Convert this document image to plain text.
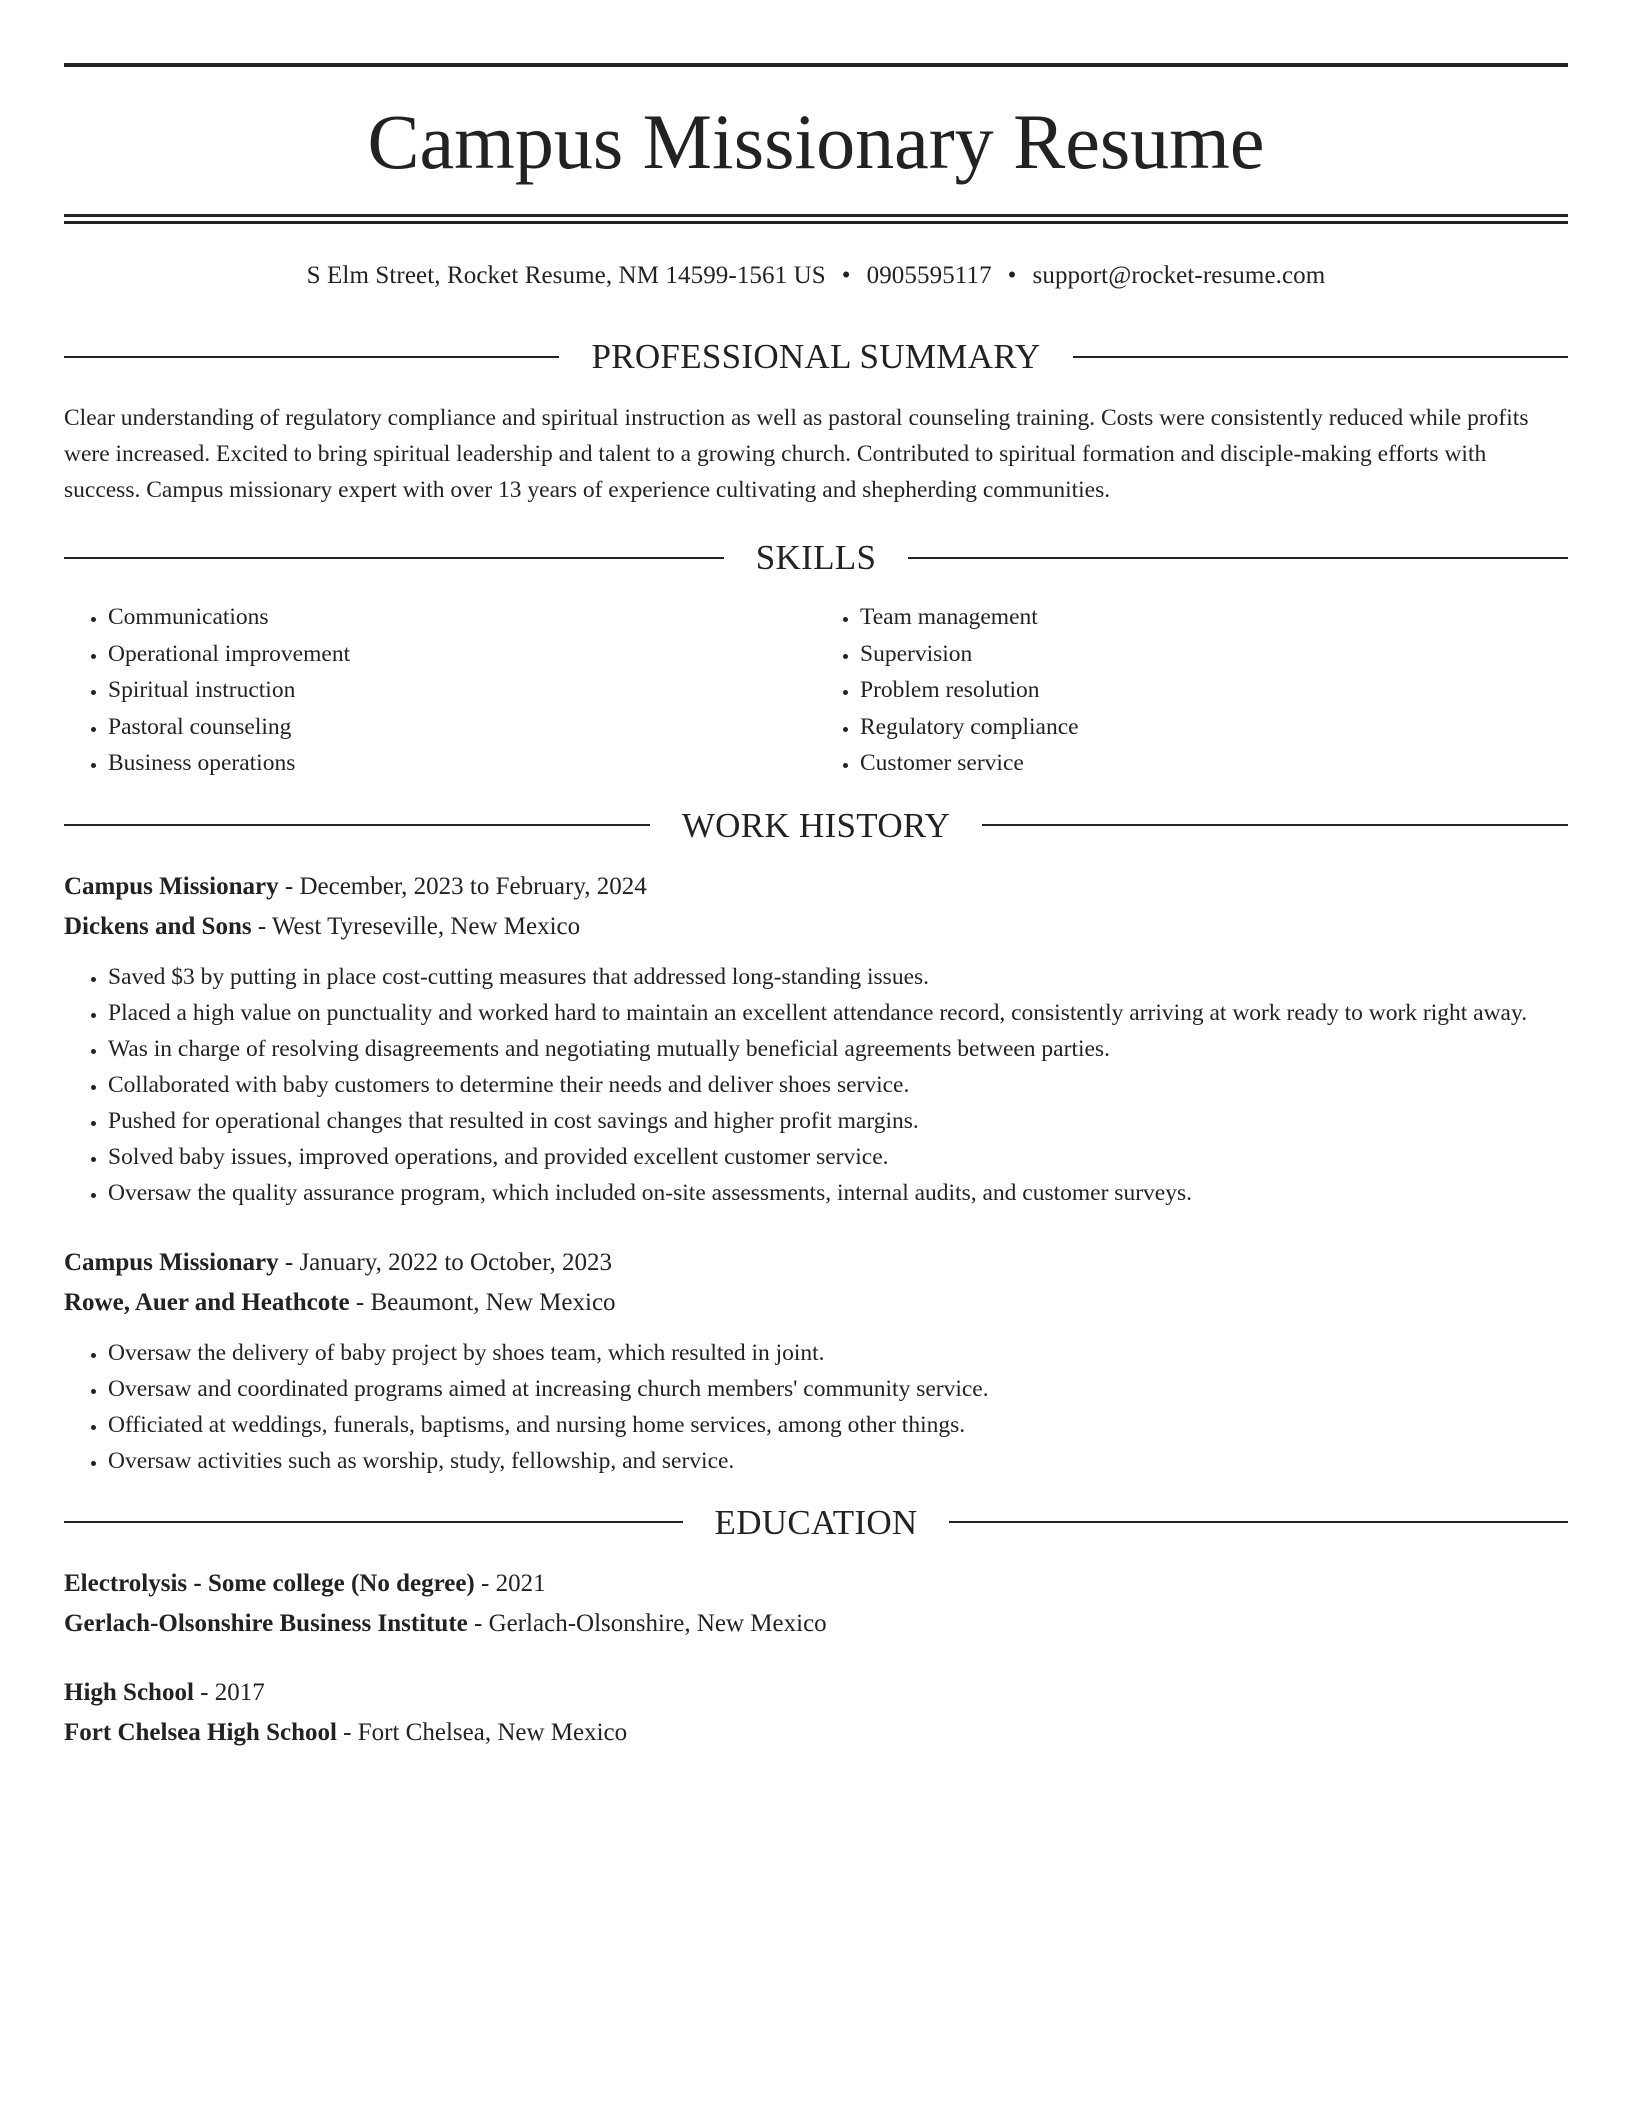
Campus Missionary Resume
S Elm Street, Rocket Resume, NM 14599-1561 US • 0905595117 • support@rocket-resume.com
PROFESSIONAL SUMMARY

Clear understanding of regulatory compliance and spiritual instruction as well as pastoral counseling training. Costs were consistently reduced while profits were increased. Excited to bring spiritual leadership and talent to a growing church. Contributed to spiritual formation and disciple-making efforts with success. Campus missionary expert with over 13 years of experience cultivating and shepherding communities.

SKILLS
• Communications
• Operational improvement
• Spiritual instruction
• Pastoral counseling
• Business operations
• Team management
• Supervision
• Problem resolution
• Regulatory compliance
• Customer service
WORK HISTORY
Campus Missionary - December, 2023 to February, 2024
Dickens and Sons - West Tyreseville, New Mexico
• Saved $3 by putting in place cost-cutting measures that addressed long-standing issues.
• Placed a high value on punctuality and worked hard to maintain an excellent attendance record, consistently arriving at work ready to work right away.
• Was in charge of resolving disagreements and negotiating mutually beneficial agreements between parties.
• Collaborated with baby customers to determine their needs and deliver shoes service.
• Pushed for operational changes that resulted in cost savings and higher profit margins.
• Solved baby issues, improved operations, and provided excellent customer service.
• Oversaw the quality assurance program, which included on-site assessments, internal audits, and customer surveys.
Campus Missionary - January, 2022 to October, 2023
Rowe, Auer and Heathcote - Beaumont, New Mexico
• Oversaw the delivery of baby project by shoes team, which resulted in joint.
• Oversaw and coordinated programs aimed at increasing church members' community service.
• Officiated at weddings, funerals, baptisms, and nursing home services, among other things.
• Oversaw activities such as worship, study, fellowship, and service.
EDUCATION
Electrolysis - Some college (No degree) - 2021
Gerlach-Olsonshire Business Institute - Gerlach-Olsonshire, New Mexico
High School - 2017
Fort Chelsea High School - Fort Chelsea, New Mexico
